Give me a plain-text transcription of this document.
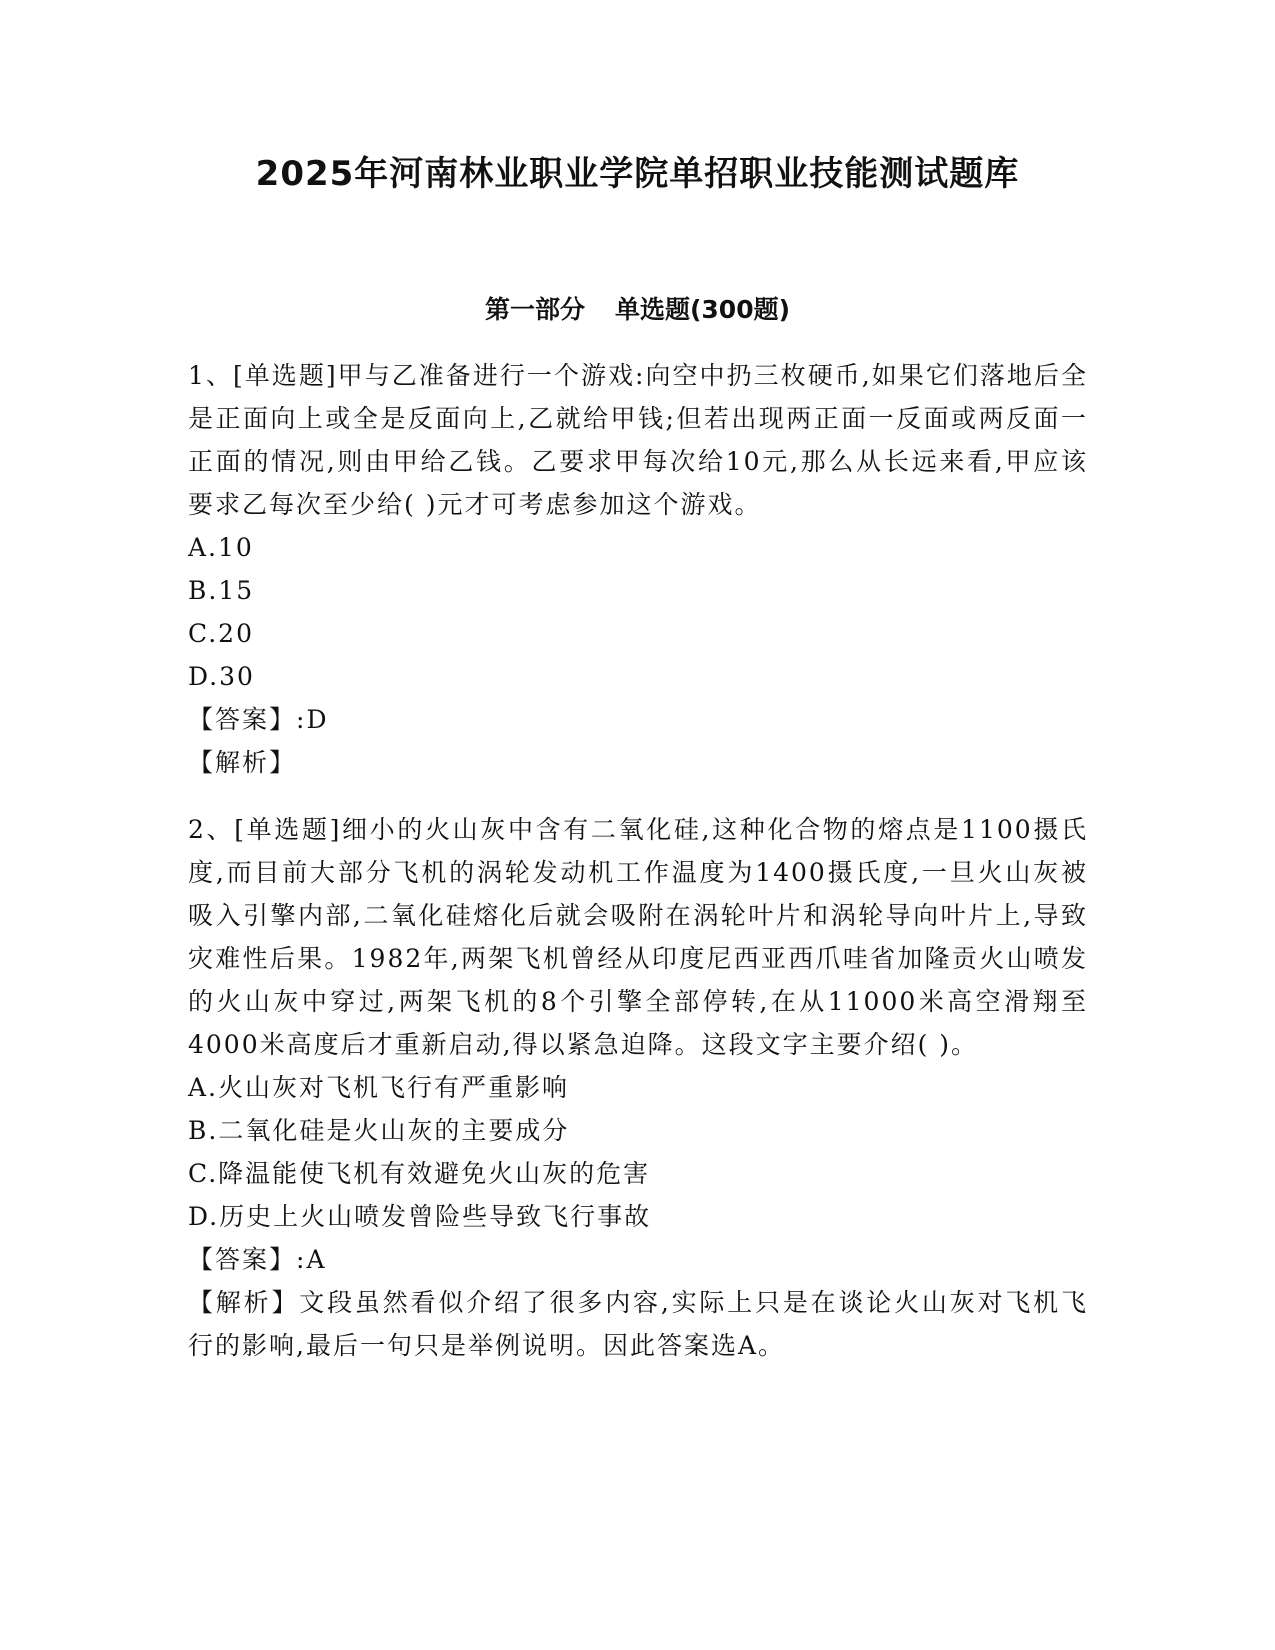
2025年河南林业职业学院单招职业技能测试题库
第一部分 单选题(300题)

1、[单选题]甲与乙准备进行一个游戏:向空中扔三枚硬币,如果它们落地后全是正面向上或全是反面向上,乙就给甲钱;但若出现两正面一反面或两反面一正面的情况,则由甲给乙钱。乙要求甲每次给10元,那么从长远来看,甲应该要求乙每次至少给( )元才可考虑参加这个游戏。

A.10
B.15
C.20
D.30
【答案】:D
【解析】

2、[单选题]细小的火山灰中含有二氧化硅,这种化合物的熔点是1100摄氏度,而目前大部分飞机的涡轮发动机工作温度为1400摄氏度,一旦火山灰被吸入引擎内部,二氧化硅熔化后就会吸附在涡轮叶片和涡轮导向叶片上,导致灾难性后果。1982年,两架飞机曾经从印度尼西亚西爪哇省加隆贡火山喷发的火山灰中穿过,两架飞机的8个引擎全部停转,在从11000米高空滑翔至4000米高度后才重新启动,得以紧急迫降。这段文字主要介绍( )。

A.火山灰对飞机飞行有严重影响
B.二氧化硅是火山灰的主要成分
C.降温能使飞机有效避免火山灰的危害
D.历史上火山喷发曾险些导致飞行事故
【答案】:A

【解析】文段虽然看似介绍了很多内容,实际上只是在谈论火山灰对飞机飞行的影响,最后一句只是举例说明。因此答案选A。
